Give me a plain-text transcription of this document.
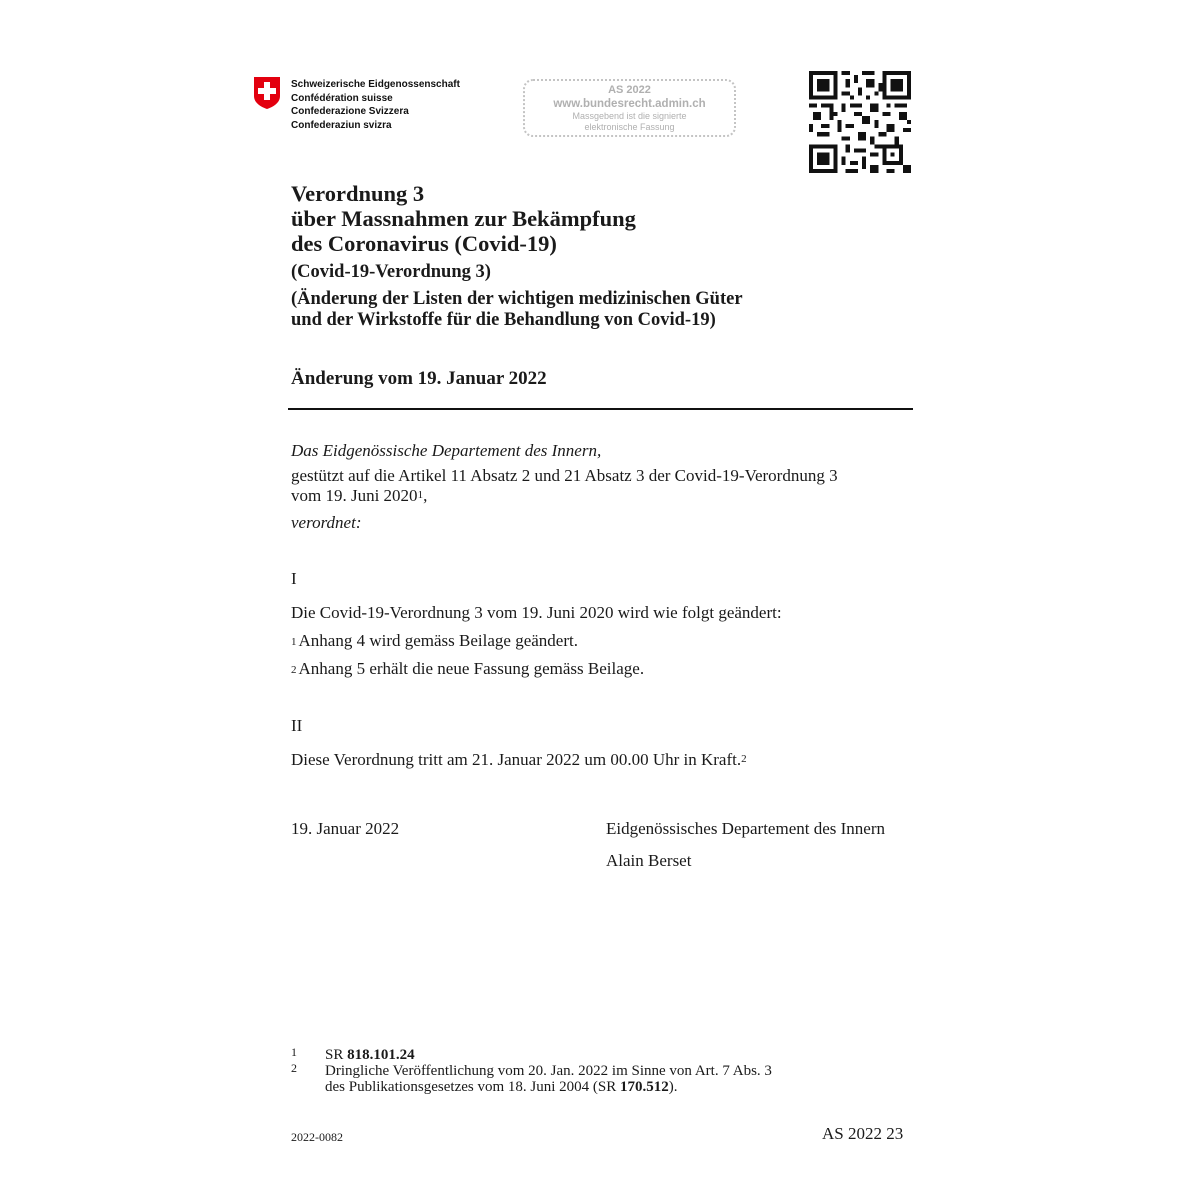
Schweizerische Eidgenossenschaft
Confédération suisse
Confederazione Svizzera
Confederaziun svizra
AS 2022
www.bundesrecht.admin.ch
Massgebend ist die signierte
elektronische Fassung
Verordnung 3
über Massnahmen zur Bekämpfung
des Coronavirus (Covid-19)
(Covid-19-Verordnung 3)
(Änderung der Listen der wichtigen medizinischen Güter
und der Wirkstoffe für die Behandlung von Covid-19)
Änderung vom 19. Januar 2022
Das Eidgenössische Departement des Innern,
gestützt auf die Artikel 11 Absatz 2 und 21 Absatz 3 der Covid-19-Verordnung 3
vom 19. Juni 2020$^1$,
verordnet:
I
Die Covid-19-Verordnung 3 vom 19. Juni 2020 wird wie folgt geändert:
$^1$ Anhang 4 wird gemäss Beilage geändert.
$^2$ Anhang 5 erhält die neue Fassung gemäss Beilage.
II
Diese Verordnung tritt am 21. Januar 2022 um 00.00 Uhr in Kraft.$^2$
19. Januar 2022	Eidgenössisches Departement des Innern
Alain Berset
1 SR 818.101.24
2 Dringliche Veröffentlichung vom 20. Jan. 2022 im Sinne von Art. 7 Abs. 3
des Publikationsgesetzes vom 18. Juni 2004 (SR 170.512).
2022-0082	AS 2022 23
